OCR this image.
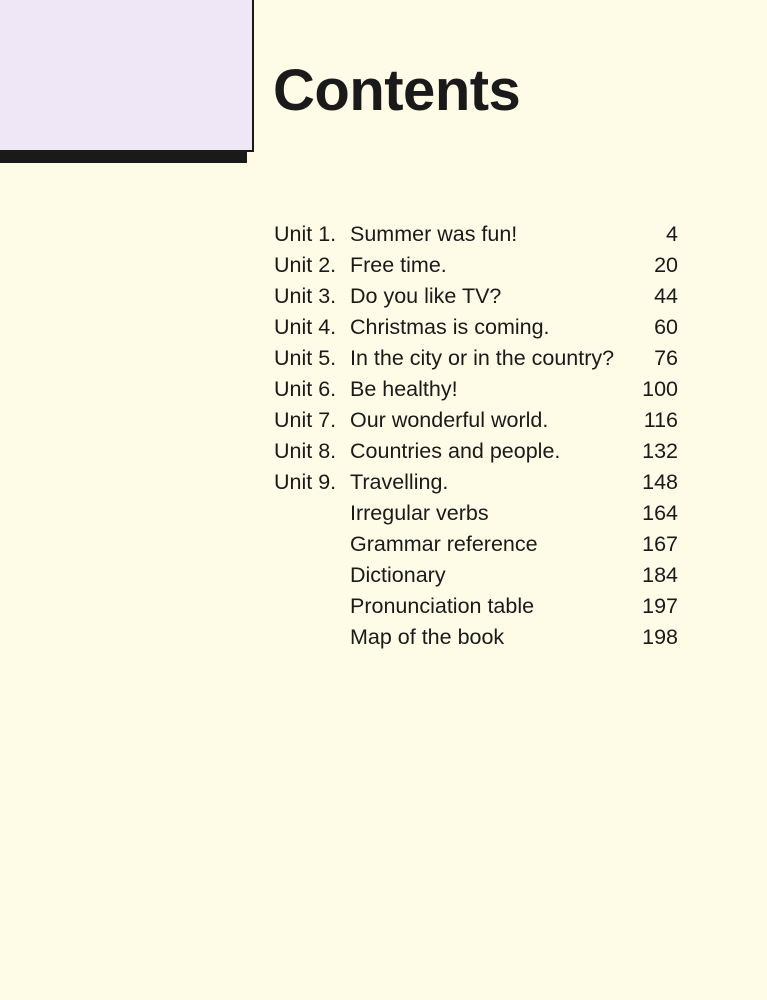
Contents
Unit 1. Summer was fun!	4
Unit 2. Free time.	20
Unit 3. Do you like TV?	44
Unit 4. Christmas is coming.	60
Unit 5. In the city or in the country? 76
Unit 6. Be healthy!	100
Unit 7. Our wonderful world.	116
Unit 8. Countries and people.	132
Unit 9. Travelling.	148
Irregular verbs	164
Grammar reference	167
Dictionary	184
Pronunciation table	197
Map of the book	198
